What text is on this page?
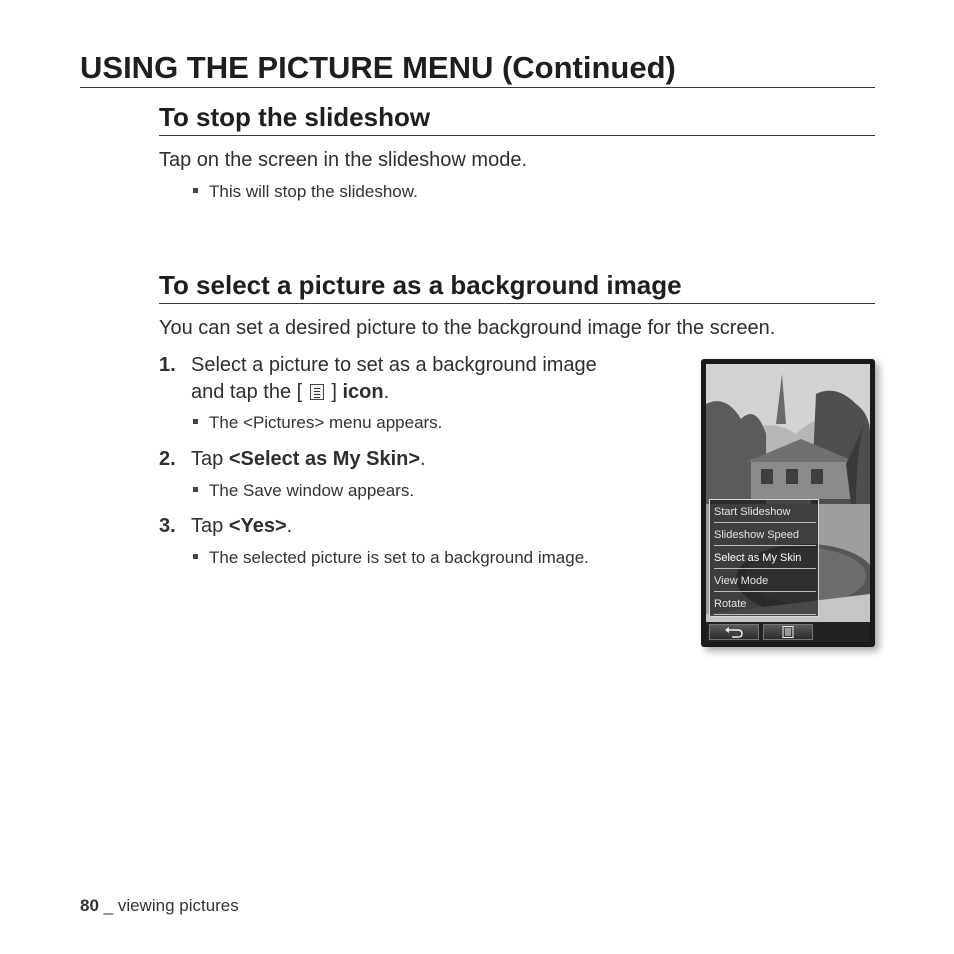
USING THE PICTURE MENU (Continued)
To stop the slideshow
Tap on the screen in the slideshow mode.
This will stop the slideshow.
To select a picture as a background image
You can set a desired picture to the background image for the screen.
1. Select a picture to set as a background image
and tap the [ ] icon.
The <Pictures> menu appears.
2. Tap <Select as My Skin>.
The Save window appears.
3. Tap <Yes>.
The selected picture is set to a background image.
Start Slideshow
Slideshow Speed
Select as My Skin
View Mode
Rotate
80 _ viewing pictures
